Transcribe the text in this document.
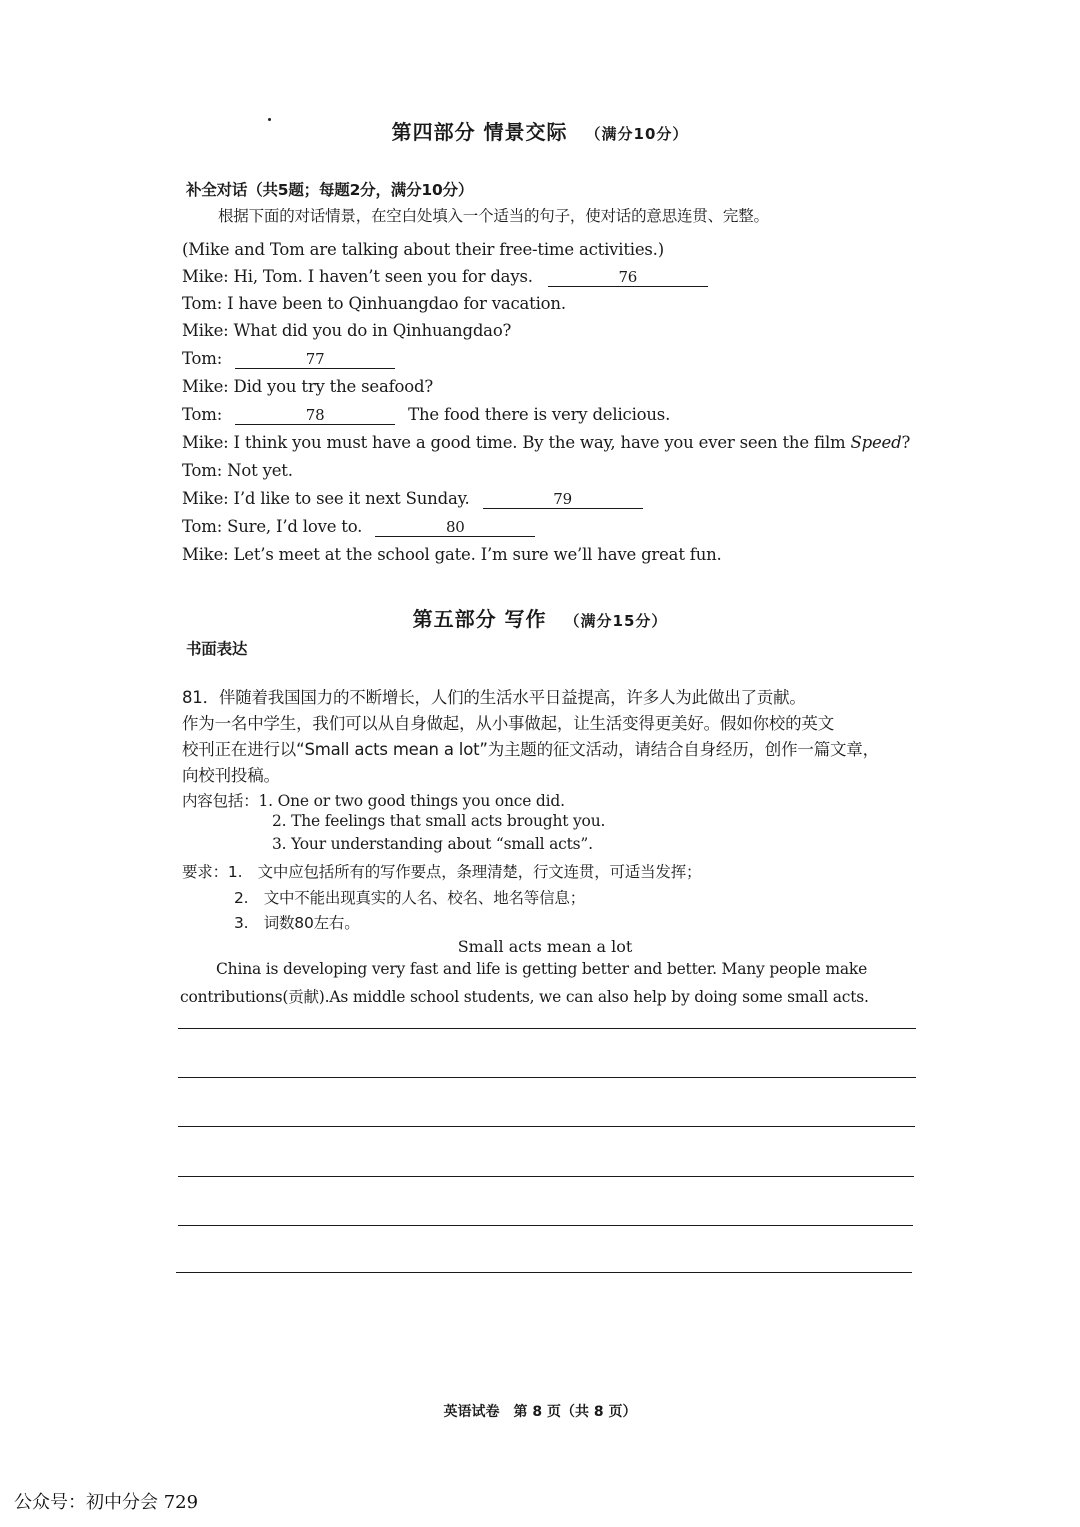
第四部分 情景交际 （满分10分）
补全对话（共5题；每题2分，满分10分）
根据下面的对话情景，在空白处填入一个适当的句子，使对话的意思连贯、完整。
(Mike and Tom are talking about their free-time activities.)
Mike: Hi, Tom. I haven’t seen you for days.	76
Tom: I have been to Qinhuangdao for vacation.
Mike: What did you do in Qinhuangdao?
Tom:	77
Mike: Did you try the seafood?
Tom:	78	The food there is very delicious.
Mike: I think you must have a good time. By the way, have you ever seen the film Speed?
Tom: Not yet.
Mike: I’d like to see it next Sunday.	79
Tom: Sure, I’d love to.	80
Mike: Let’s meet at the school gate. I’m sure we’ll have great fun.
第五部分 写作 （满分15分）
书面表达
81．伴随着我国国力的不断增长，人们的生活水平日益提高，许多人为此做出了贡献。
作为一名中学生，我们可以从自身做起，从小事做起，让生活变得更美好。假如你校的英文
校刊正在进行以“Small acts mean a lot”为主题的征文活动，请结合自身经历，创作一篇文章，
向校刊投稿。
内容包括：1. One or two good things you once did.
2. The feelings that small acts brought you.
3. Your understanding about “small acts”.
要求：1.　文中应包括所有的写作要点，条理清楚，行文连贯，可适当发挥；
2.　文中不能出现真实的人名、校名、地名等信息；
3.　词数80左右。
Small acts mean a lot
China is developing very fast and life is getting better and better. Many people make
contributions(贡献).As middle school students, we can also help by doing some small acts.
英语试卷　第 8 页（共 8 页）
公众号：初中分会 729
